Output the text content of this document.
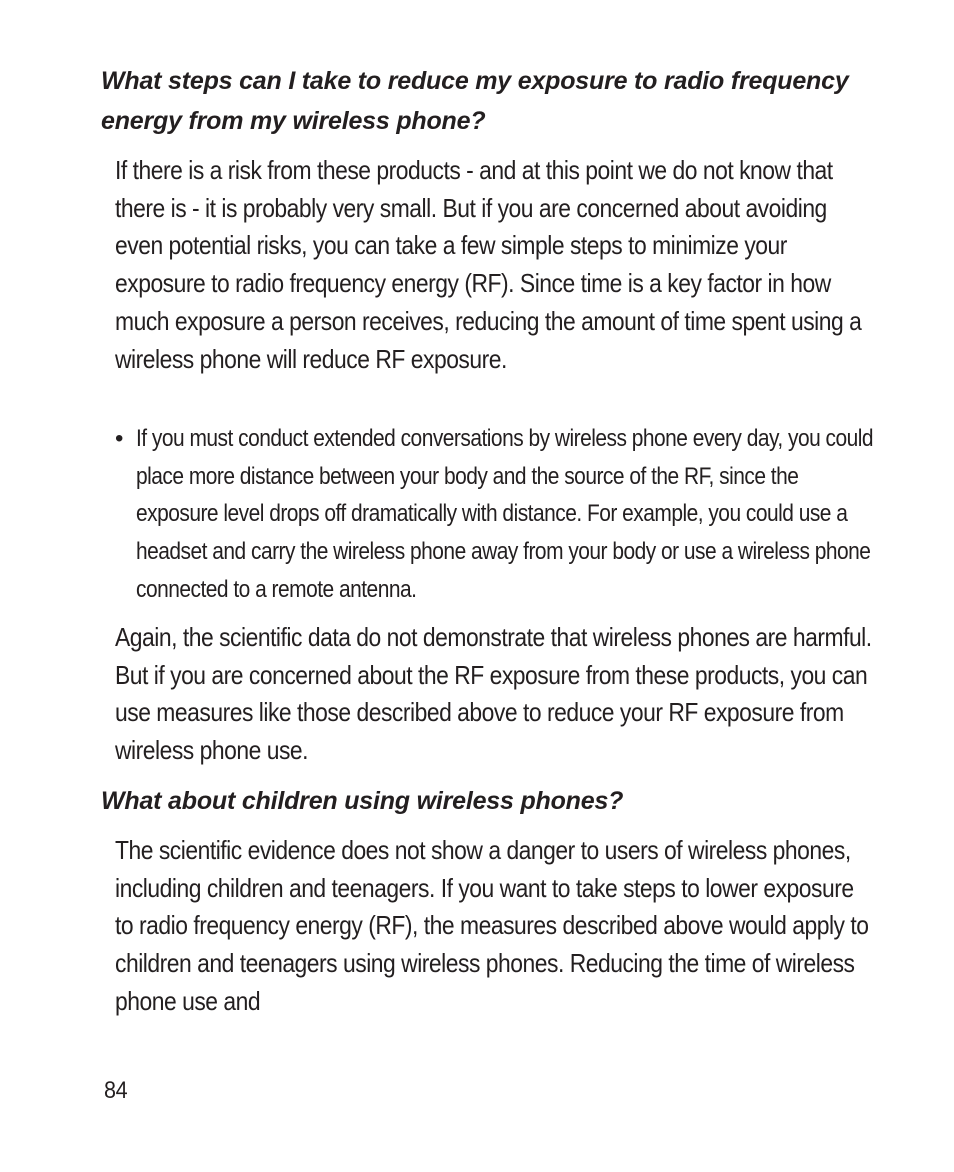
What steps can I take to reduce my exposure to radio frequency energy from my wireless phone?

If there is a risk from these products - and at this point we do not know that there is - it is probably very small. But if you are concerned about avoiding even potential risks, you can take a few simple steps to minimize your exposure to radio frequency energy (RF). Since time is a key factor in how much exposure a person receives, reducing the amount of time spent using a wireless phone will reduce RF exposure.

• If you must conduct extended conversations by wireless phone every day, you could place more distance between your body and the source of the RF, since the exposure level drops off dramatically with distance. For example, you could use a headset and carry the wireless phone away from your body or use a wireless phone connected to a remote antenna.

Again, the scientific data do not demonstrate that wireless phones are harmful. But if you are concerned about the RF exposure from these products, you can use measures like those described above to reduce your RF exposure from wireless phone use.

What about children using wireless phones?

The scientific evidence does not show a danger to users of wireless phones, including children and teenagers. If you want to take steps to lower exposure to radio frequency energy (RF), the measures described above would apply to children and teenagers using wireless phones. Reducing the time of wireless phone use and

84
